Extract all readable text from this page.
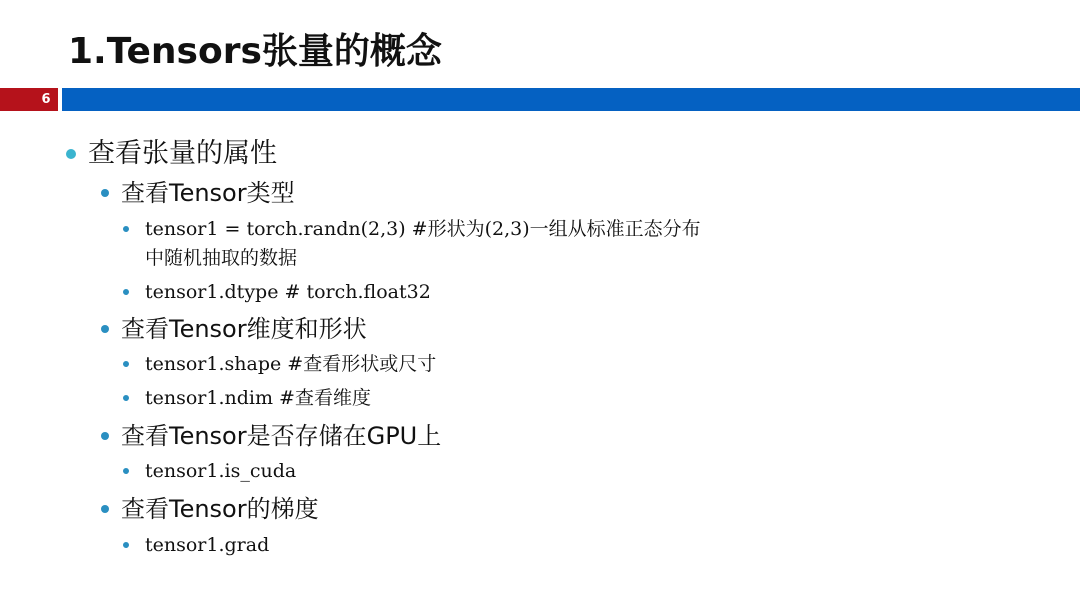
1.Tensors张量的概念
6
查看张量的属性
查看Tensor类型
tensor1 = torch.randn(2,3) #形状为(2,3)一组从标准正态分布
中随机抽取的数据
tensor1.dtype # torch.float32
查看Tensor维度和形状
tensor1.shape #查看形状或尺寸
tensor1.ndim #查看维度
查看Tensor是否存储在GPU上
tensor1.is_cuda
查看Tensor的梯度
tensor1.grad
